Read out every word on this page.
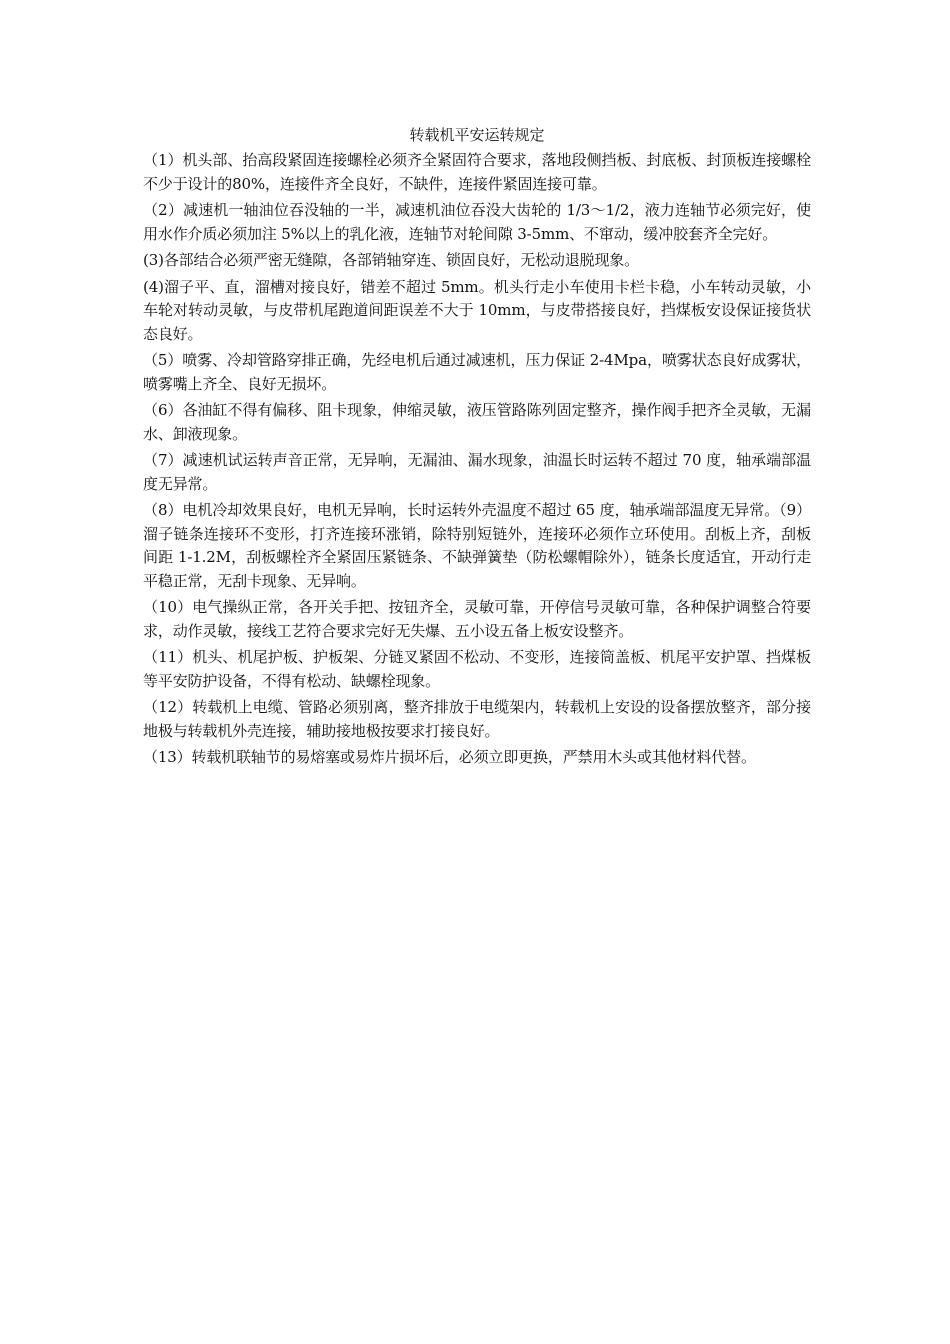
转载机平安运转规定

（1）机头部、抬高段紧固连接螺栓必须齐全紧固符合要求，落地段侧挡板、封底板、封顶板连接螺栓不少于设计的80%，连接件齐全良好，不缺件，连接件紧固连接可靠。

（2）减速机一轴油位吞没轴的一半，减速机油位吞没大齿轮的 1/3～1/2，液力连轴节必须完好，使用水作介质必须加注 5%以上的乳化液，连轴节对轮间隙 3-5mm、不窜动，缓冲胶套齐全完好。

(3)各部结合必须严密无缝隙，各部销轴穿连、锁固良好，无松动退脱现象。

(4)溜子平、直，溜槽对接良好，错差不超过 5mm。机头行走小车使用卡栏卡稳，小车转动灵敏，小车轮对转动灵敏，与皮带机尾跑道间距误差不大于 10mm，与皮带搭接良好，挡煤板安设保证接货状态良好。

（5）喷雾、冷却管路穿排正确，先经电机后通过减速机，压力保证 2-4Mpa，喷雾状态良好成雾状，喷雾嘴上齐全、良好无损坏。

（6）各油缸不得有偏移、阻卡现象，伸缩灵敏，液压管路陈列固定整齐，操作阀手把齐全灵敏，无漏水、卸液现象。

（7）减速机试运转声音正常，无异响，无漏油、漏水现象，油温长时运转不超过 70 度，轴承端部温度无异常。

（8）电机冷却效果良好，电机无异响，长时运转外壳温度不超过 65 度，轴承端部温度无异常。（9）溜子链条连接环不变形，打齐连接环涨销，除特别短链外，连接环必须作立环使用。刮板上齐，刮板间距 1-1.2M，刮板螺栓齐全紧固压紧链条、不缺弹簧垫（防松螺帽除外），链条长度适宜，开动行走平稳正常，无刮卡现象、无异响。

（10）电气操纵正常，各开关手把、按钮齐全，灵敏可靠，开停信号灵敏可靠，各种保护调整合符要求，动作灵敏，接线工艺符合要求完好无失爆、五小设五备上板安设整齐。

（11）机头、机尾护板、护板架、分链叉紧固不松动、不变形，连接筒盖板、机尾平安护罩、挡煤板等平安防护设备，不得有松动、缺螺栓现象。

（12）转载机上电缆、管路必须别离，整齐排放于电缆架内，转载机上安设的设备摆放整齐，部分接地极与转载机外壳连接，辅助接地极按要求打接良好。

（13）转载机联轴节的易熔塞或易炸片损坏后，必须立即更换，严禁用木头或其他材料代替。
